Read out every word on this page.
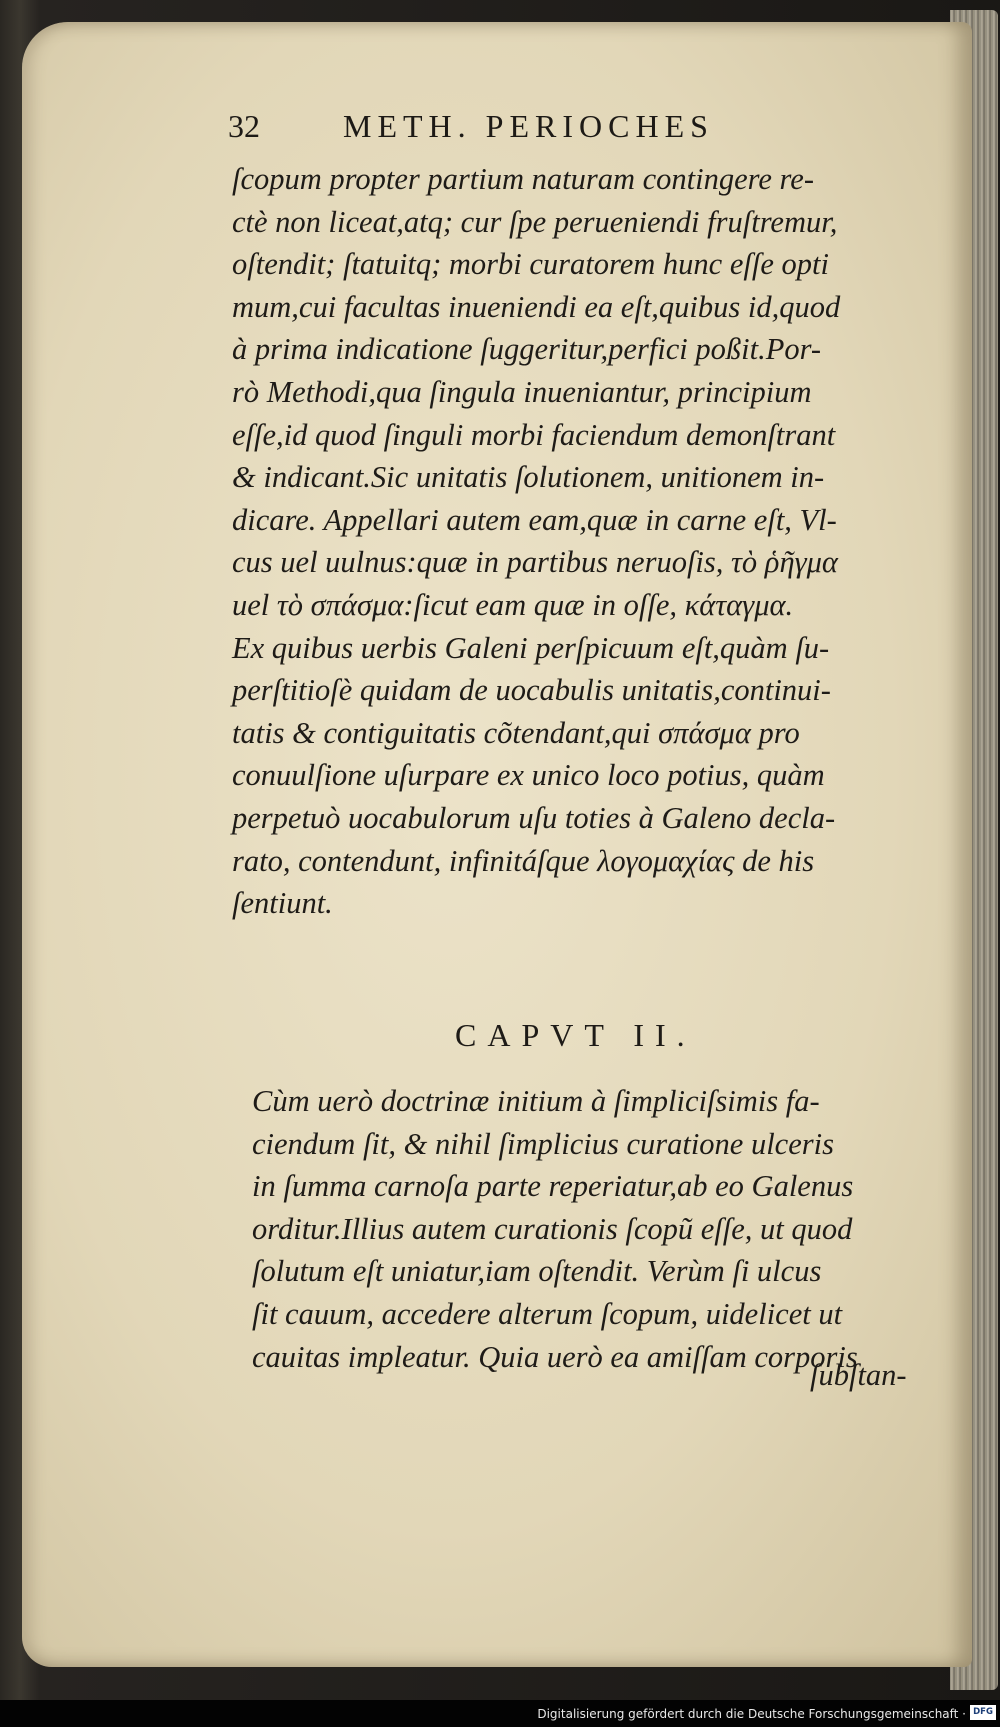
32	METH. PERIOCHES
ſcopum propter partium naturam contingere re-
ctè non liceat,atq; cur ſpe perueniendi fruſtremur,
oſtendit; ſtatuitq; morbi curatorem hunc eſſe opti
mum,cui facultas inueniendi ea eſt,quibus id,quod
à prima indicatione ſuggeritur,perfici poßit.Por-
rò Methodi,qua ſingula inueniantur, principium
eſſe,id quod ſinguli morbi faciendum demonſtrant
& indicant.Sic unitatis ſolutionem, unitionem in-
dicare. Appellari autem eam,quæ in carne eſt, Vl-
cus uel uulnus:quæ in partibus neruoſis, τὸ ῥῆγμα
uel τὸ σπάσμα:ſicut eam quæ in oſſe, κάταγμα.
Ex quibus uerbis Galeni perſpicuum eſt,quàm ſu-
perſtitioſè quidam de uocabulis unitatis,continui-
tatis & contiguitatis cõtendant,qui σπάσμα pro
conuulſione uſurpare ex unico loco potius, quàm
perpetuò uocabulorum uſu toties à Galeno decla-
rato, contendunt, infinitáſque λογομαχίας de his
ſentiunt.
CAPVT II.
Cùm uerò doctrinæ initium à ſimpliciſsimis fa-
ciendum ſit, & nihil ſimplicius curatione ulceris
in ſumma carnoſa parte reperiatur,ab eo Galenus
orditur.Illius autem curationis ſcopũ eſſe, ut quod
ſolutum eſt uniatur,iam oſtendit. Verùm ſi ulcus
ſit cauum, accedere alterum ſcopum, uidelicet ut
cauitas impleatur. Quia uerò ea amiſſam corporis
ſubſtan-
Digitalisierung gefördert durch die Deutsche Forschungsgemeinschaft · DFG
